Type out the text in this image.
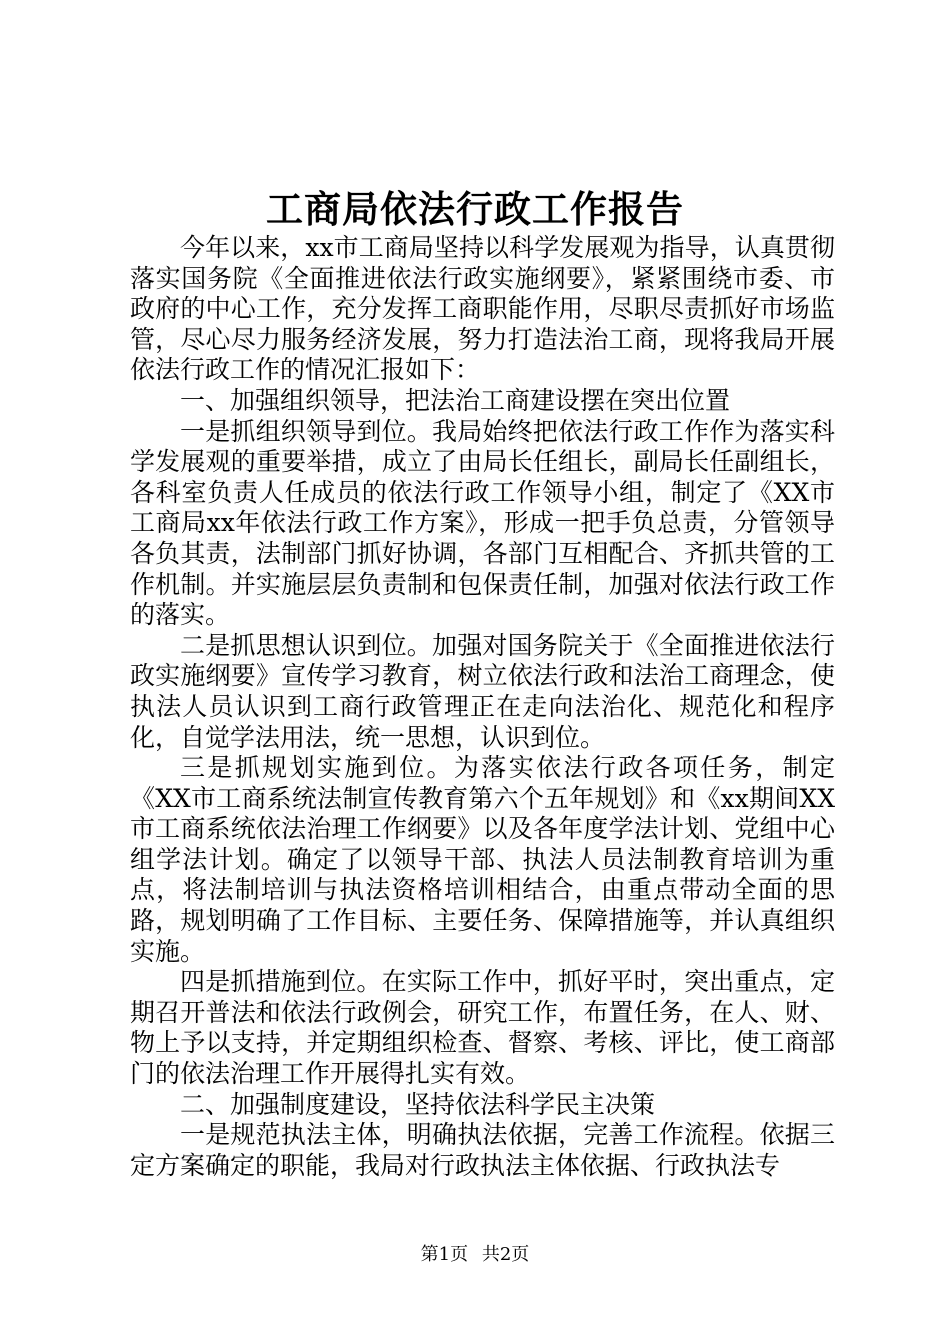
工商局依法行政工作报告

今年以来，xx市工商局坚持以科学发展观为指导，认真贯彻落实国务院《全面推进依法行政实施纲要》，紧紧围绕市委、市政府的中心工作，充分发挥工商职能作用，尽职尽责抓好市场监管，尽心尽力服务经济发展，努力打造法治工商，现将我局开展依法行政工作的情况汇报如下：

一、加强组织领导，把法治工商建设摆在突出位置

一是抓组织领导到位。我局始终把依法行政工作作为落实科学发展观的重要举措，成立了由局长任组长，副局长任副组长，各科室负责人任成员的依法行政工作领导小组，制定了《XX市工商局xx年依法行政工作方案》，形成一把手负总责，分管领导各负其责，法制部门抓好协调，各部门互相配合、齐抓共管的工作机制。并实施层层负责制和包保责任制，加强对依法行政工作的落实。

二是抓思想认识到位。加强对国务院关于《全面推进依法行政实施纲要》宣传学习教育，树立依法行政和法治工商理念，使执法人员认识到工商行政管理正在走向法治化、规范化和程序化，自觉学法用法，统一思想，认识到位。

三是抓规划实施到位。为落实依法行政各项任务，制定《XX市工商系统法制宣传教育第六个五年规划》和《xx期间XX市工商系统依法治理工作纲要》以及各年度学法计划、党组中心组学法计划。确定了以领导干部、执法人员法制教育培训为重点，将法制培训与执法资格培训相结合，由重点带动全面的思路，规划明确了工作目标、主要任务、保障措施等，并认真组织实施。

四是抓措施到位。在实际工作中，抓好平时，突出重点，定期召开普法和依法行政例会，研究工作，布置任务，在人、财、物上予以支持，并定期组织检查、督察、考核、评比，使工商部门的依法治理工作开展得扎实有效。

二、加强制度建设，坚持依法科学民主决策

一是规范执法主体，明确执法依据，完善工作流程。依据三定方案确定的职能，我局对行政执法主体依据、行政执法专

第1页 共2页
